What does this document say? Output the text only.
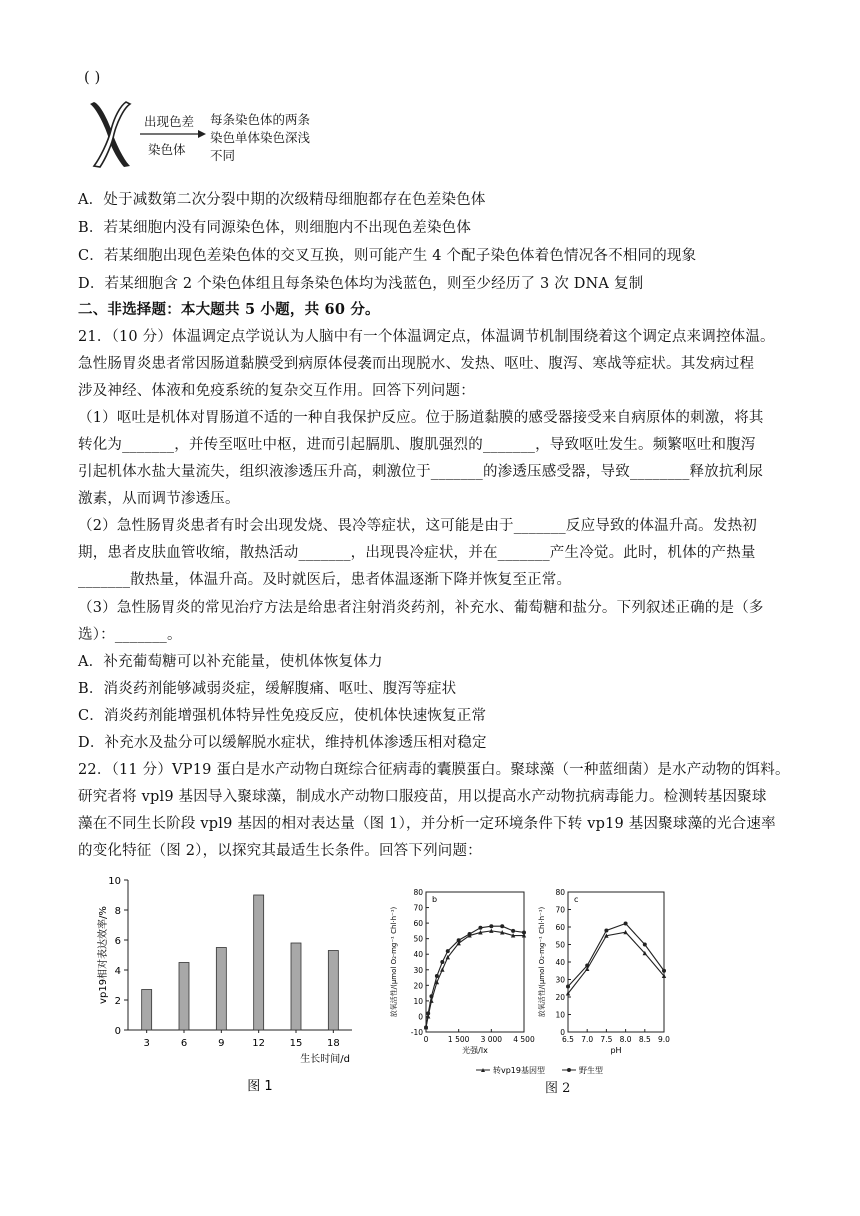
( )
出现色差
染色体
每条染色体的两条
染色单体染色深浅
不同
A．处于减数第二次分裂中期的次级精母细胞都存在色差染色体
B．若某细胞内没有同源染色体，则细胞内不出现色差染色体
C．若某细胞出现色差染色体的交叉互换，则可能产生 4 个配子染色体着色情况各不相同的现象
D．若某细胞含 2 个染色体组且每条染色体均为浅蓝色，则至少经历了 3 次 DNA 复制
二、非选择题：本大题共 5 小题，共 60 分。
21．（10 分）体温调定点学说认为人脑中有一个体温调定点，体温调节机制围绕着这个调定点来调控体温。
急性肠胃炎患者常因肠道黏膜受到病原体侵袭而出现脱水、发热、呕吐、腹泻、寒战等症状。其发病过程
涉及神经、体液和免疫系统的复杂交互作用。回答下列问题：
（1）呕吐是机体对胃肠道不适的一种自我保护反应。位于肠道黏膜的感受器接受来自病原体的刺激，将其
转化为_______，并传至呕吐中枢，进而引起膈肌、腹肌强烈的_______，导致呕吐发生。频繁呕吐和腹泻
引起机体水盐大量流失，组织液渗透压升高，刺激位于_______的渗透压感受器，导致________释放抗利尿
激素，从而调节渗透压。
（2）急性肠胃炎患者有时会出现发烧、畏冷等症状，这可能是由于_______反应导致的体温升高。发热初
期，患者皮肤血管收缩，散热活动_______，出现畏冷症状，并在_______产生冷觉。此时，机体的产热量
_______散热量，体温升高。及时就医后，患者体温逐渐下降并恢复至正常。
（3）急性肠胃炎的常见治疗方法是给患者注射消炎药剂，补充水、葡萄糖和盐分。下列叙述正确的是（多
选）：_______。
A．补充葡萄糖可以补充能量，使机体恢复体力
B．消炎药剂能够减弱炎症，缓解腹痛、呕吐、腹泻等症状
C．消炎药剂能增强机体特异性免疫反应，使机体快速恢复正常
D．补充水及盐分可以缓解脱水症状，维持机体渗透压相对稳定
22．（11 分）VP19 蛋白是水产动物白斑综合征病毒的囊膜蛋白。聚球藻（一种蓝细菌）是水产动物的饵料。
研究者将 vpl9 基因导入聚球藻，制成水产动物口服疫苗，用以提高水产动物抗病毒能力。检测转基因聚球
藻在不同生长阶段 vpl9 基因的相对表达量（图 1），并分析一定环境条件下转 vp19 基因聚球藻的光合速率
的变化特征（图 2），以探究其最适生长条件。回答下列问题：
0
2
4
6
8
10
3	6	9	12 15 18
生长时间/d
vp19相对表达效率/%
图 1
-10
0
10
20
30
40
50
60
70
80
0	1 500 3 000 4 500
光强/lx
放氧活性/(μmol O₂·mg⁻¹ Chl·h⁻¹)
b
0
10
20
30
40
50
60
70
80
6.5 7.0 7.5 8.0 8.5 9.0
pH
放氧活性/(μmol O₂·mg⁻¹ Chl·h⁻¹)
c
转vp19基因型	野生型
图 2
